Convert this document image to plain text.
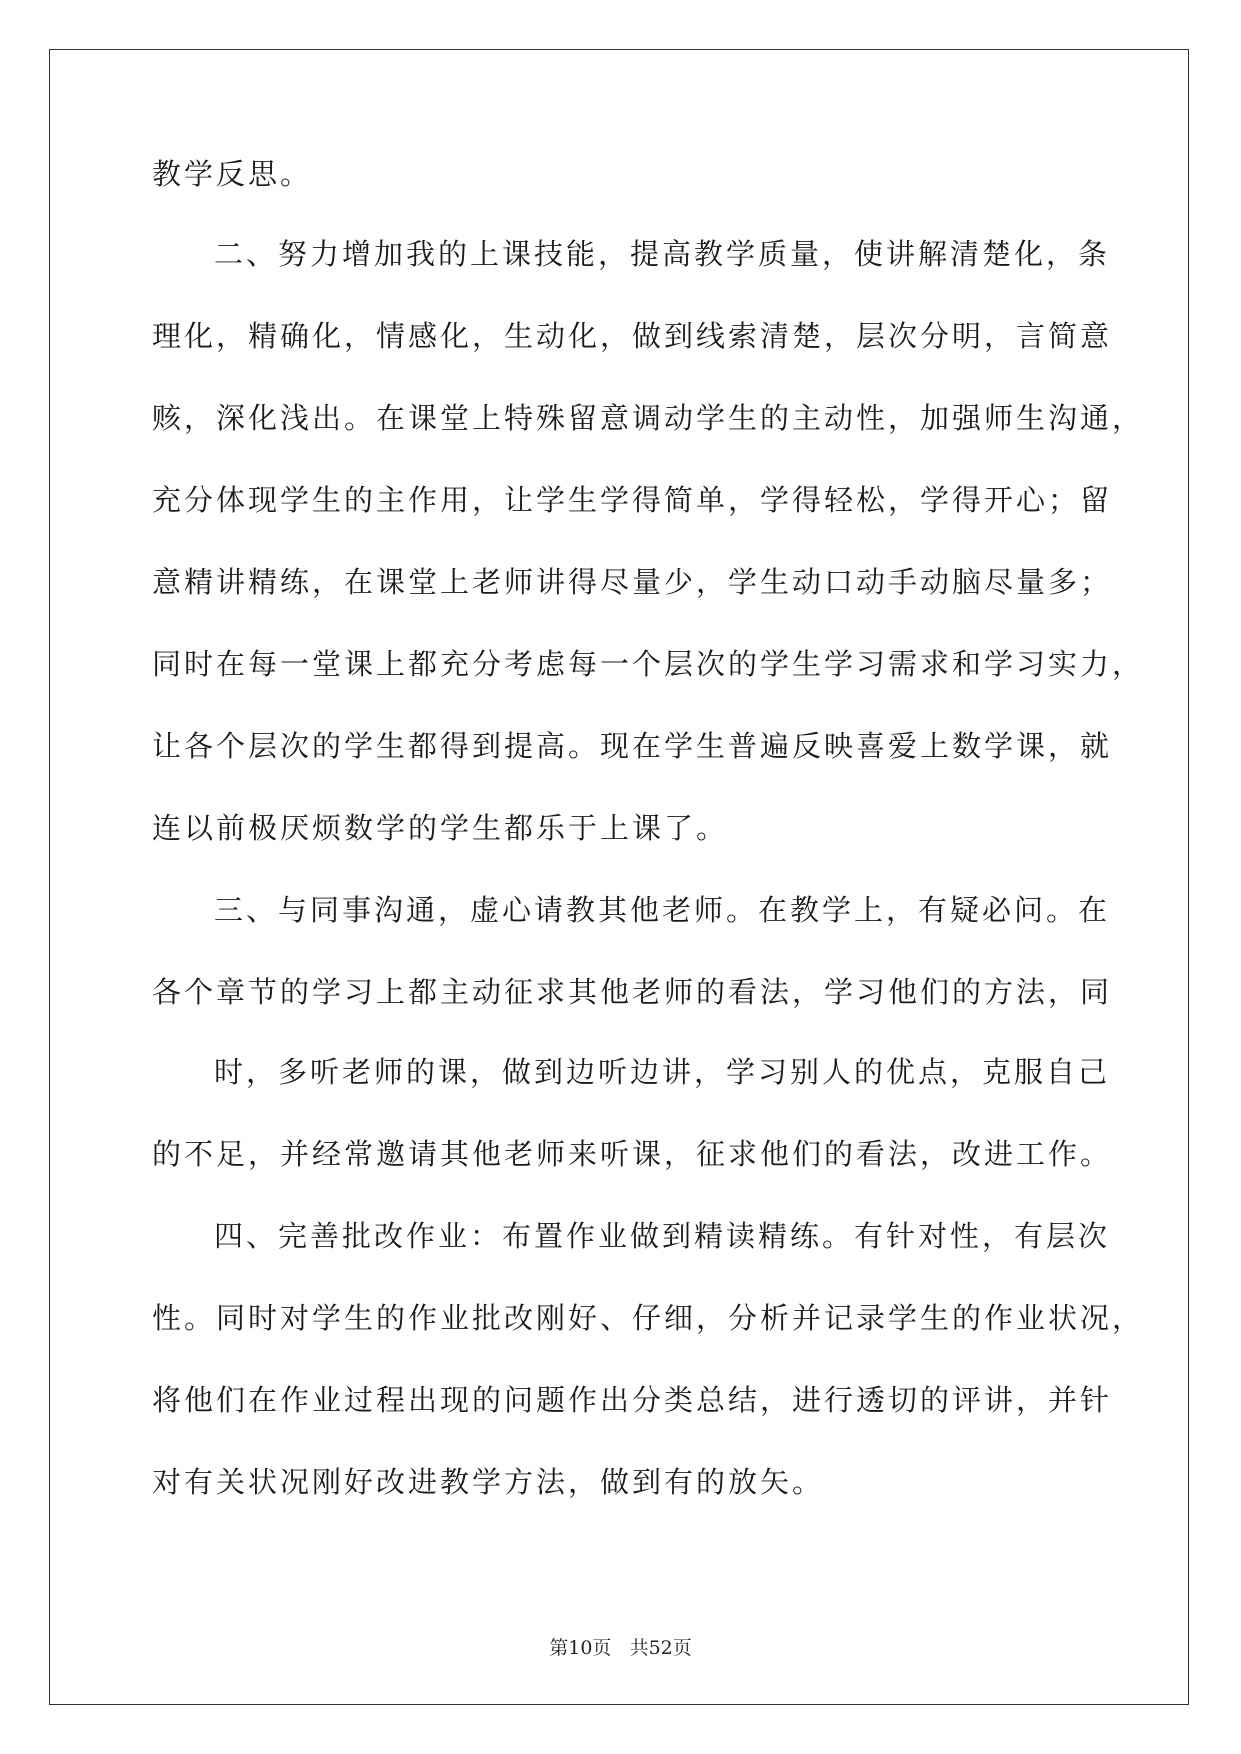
教学反思。
二、努力增加我的上课技能，提高教学质量，使讲解清楚化，条
理化，精确化，情感化，生动化，做到线索清楚，层次分明，言简意
赅，深化浅出。在课堂上特殊留意调动学生的主动性，加强师生沟通，
充分体现学生的主作用，让学生学得简单，学得轻松，学得开心；留
意精讲精练，在课堂上老师讲得尽量少，学生动口动手动脑尽量多；
同时在每一堂课上都充分考虑每一个层次的学生学习需求和学习实力，
让各个层次的学生都得到提高。现在学生普遍反映喜爱上数学课，就
连以前极厌烦数学的学生都乐于上课了。
三、与同事沟通，虚心请教其他老师。在教学上，有疑必问。在
各个章节的学习上都主动征求其他老师的看法，学习他们的方法，同
时，多听老师的课，做到边听边讲，学习别人的优点，克服自己
的不足，并经常邀请其他老师来听课，征求他们的看法，改进工作。
四、完善批改作业：布置作业做到精读精练。有针对性，有层次
性。同时对学生的作业批改刚好、仔细，分析并记录学生的作业状况，
将他们在作业过程出现的问题作出分类总结，进行透切的评讲，并针
对有关状况刚好改进教学方法，做到有的放矢。
第10页 共52页
